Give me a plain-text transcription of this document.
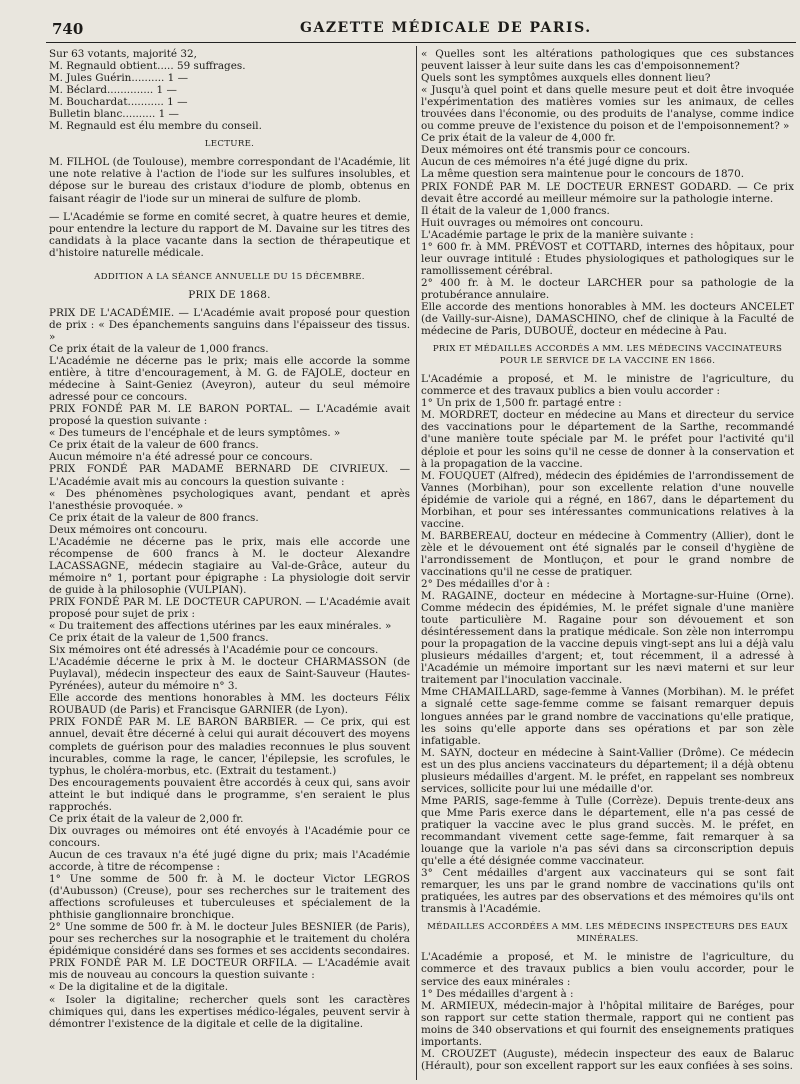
740	GAZETTE MÉDICALE DE PARIS.

Sur 63 votants, majorité 32,

M. Regnauld obtient..... 59 suffrages.
M. Jules Guérin.......... 1 —
M. Béclard.............. 1 —
M. Bouchardat........... 1 —
Bulletin blanc.......... 1 —

M. Regnauld est élu membre du conseil.

LECTURE.

M. FILHOL (de Toulouse), membre correspondant de l'Académie, lit une note relative à l'action de l'iode sur les sulfures insolubles, et dépose sur le bureau des cristaux d'iodure de plomb, obtenus en faisant réagir de l'iode sur un minerai de sulfure de plomb.

— L'Académie se forme en comité secret, à quatre heures et demie, pour entendre la lecture du rapport de M. Davaine sur les titres des candidats à la place vacante dans la section de thérapeutique et d'histoire naturelle médicale.

ADDITION A LA SÉANCE ANNUELLE DU 15 DÉCEMBRE.

PRIX DE 1868.

PRIX DE L'ACADÉMIE. — L'Académie avait proposé pour question de prix : « Des épanchements sanguins dans l'épaisseur des tissus. »

Ce prix était de la valeur de 1,000 francs.

L'Académie ne décerne pas le prix; mais elle accorde la somme entière, à titre d'encouragement, à M. G. de FAJOLE, docteur en médecine à Saint-Geniez (Aveyron), auteur du seul mémoire adressé pour ce concours.

PRIX FONDÉ PAR M. LE BARON PORTAL. — L'Académie avait proposé la question suivante :

« Des tumeurs de l'encéphale et de leurs symptômes. »

Ce prix était de la valeur de 600 francs.

Aucun mémoire n'a été adressé pour ce concours.

PRIX FONDÉ PAR MADAME BERNARD DE CIVRIEUX. — L'Académie avait mis au concours la question suivante :

« Des phénomènes psychologiques avant, pendant et après l'anesthésie provoquée. »

Ce prix était de la valeur de 800 francs.

Deux mémoires ont concouru.

L'Académie ne décerne pas le prix, mais elle accorde une récompense de 600 francs à M. le docteur Alexandre LACASSAGNE, médecin stagiaire au Val-de-Grâce, auteur du mémoire n° 1, portant pour épigraphe : La physiologie doit servir de guide à la philosophie (VULPIAN).

PRIX FONDÉ PAR M. LE DOCTEUR CAPURON. — L'Académie avait proposé pour sujet de prix :

« Du traitement des affections utérines par les eaux minérales. »

Ce prix était de la valeur de 1,500 francs.

Six mémoires ont été adressés à l'Académie pour ce concours.

L'Académie décerne le prix à M. le docteur CHARMASSON (de Puylaval), médecin inspecteur des eaux de Saint-Sauveur (Hautes-Pyrénées), auteur du mémoire n° 3.

Elle accorde des mentions honorables à MM. les docteurs Félix ROUBAUD (de Paris) et Francisque GARNIER (de Lyon).

PRIX FONDÉ PAR M. LE BARON BARBIER. — Ce prix, qui est annuel, devait être décerné à celui qui aurait découvert des moyens complets de guérison pour des maladies reconnues le plus souvent incurables, comme la rage, le cancer, l'épilepsie, les scrofules, le typhus, le choléra-morbus, etc. (Extrait du testament.)

Des encouragements pouvaient être accordés à ceux qui, sans avoir atteint le but indiqué dans le programme, s'en seraient le plus rapprochés.

Ce prix était de la valeur de 2,000 fr.

Dix ouvrages ou mémoires ont été envoyés à l'Académie pour ce concours.

Aucun de ces travaux n'a été jugé digne du prix; mais l'Académie accorde, à titre de récompense :

1° Une somme de 500 fr. à M. le docteur Victor LEGROS (d'Aubusson) (Creuse), pour ses recherches sur le traitement des affections scrofuleuses et tuberculeuses et spécialement de la phthisie ganglionnaire bronchique.

2° Une somme de 500 fr. à M. le docteur Jules BESNIER (de Paris), pour ses recherches sur la nosographie et le traitement du choléra épidémique considéré dans ses formes et ses accidents secondaires.

PRIX FONDÉ PAR M. LE DOCTEUR ORFILA. — L'Académie avait mis de nouveau au concours la question suivante :

« De la digitaline et de la digitale.

« Isoler la digitaline; rechercher quels sont les caractères chimiques qui, dans les expertises médico-légales, peuvent servir à démontrer l'existence de la digitale et celle de la digitaline.

« Quelles sont les altérations pathologiques que ces substances peuvent laisser à leur suite dans les cas d'empoisonnement?

Quels sont les symptômes auxquels elles donnent lieu?

« Jusqu'à quel point et dans quelle mesure peut et doit être invoquée l'expérimentation des matières vomies sur les animaux, de celles trouvées dans l'économie, ou des produits de l'analyse, comme indice ou comme preuve de l'existence du poison et de l'empoisonnement? »

Ce prix était de la valeur de 4,000 fr.

Deux mémoires ont été transmis pour ce concours.

Aucun de ces mémoires n'a été jugé digne du prix.

La même question sera maintenue pour le concours de 1870.

PRIX FONDÉ PAR M. LE DOCTEUR ERNEST GODARD. — Ce prix devait être accordé au meilleur mémoire sur la pathologie interne.

Il était de la valeur de 1,000 francs.

Huit ouvrages ou mémoires ont concouru.

L'Académie partage le prix de la manière suivante :

1° 600 fr. à MM. PRÉVOST et COTTARD, internes des hôpitaux, pour leur ouvrage intitulé : Etudes physiologiques et pathologiques sur le ramollissement cérébral.

2° 400 fr. à M. le docteur LARCHER pour sa pathologie de la protubérance annulaire.

Elle accorde des mentions honorables à MM. les docteurs ANCELET (de Vailly-sur-Aisne), DAMASCHINO, chef de clinique à la Faculté de médecine de Paris, DUBOUÉ, docteur en médecine à Pau.

PRIX ET MÉDAILLES ACCORDÉS A MM. LES MÉDECINS VACCINATEURS
POUR LE SERVICE DE LA VACCINE EN 1866.

L'Académie a proposé, et M. le ministre de l'agriculture, du commerce et des travaux publics a bien voulu accorder :

1° Un prix de 1,500 fr. partagé entre :

M. MORDRET, docteur en médecine au Mans et directeur du service des vaccinations pour le département de la Sarthe, recommandé d'une manière toute spéciale par M. le préfet pour l'activité qu'il déploie et pour les soins qu'il ne cesse de donner à la conservation et à la propagation de la vaccine.

M. FOUQUET (Alfred), médecin des épidémies de l'arrondissement de Vannes (Morbihan), pour son excellente relation d'une nouvelle épidémie de variole qui a régné, en 1867, dans le département du Morbihan, et pour ses intéressantes communications relatives à la vaccine.

M. BARBEREAU, docteur en médecine à Commentry (Allier), dont le zèle et le dévouement ont été signalés par le conseil d'hygiène de l'arrondissement de Montluçon, et pour le grand nombre de vaccinations qu'il ne cesse de pratiquer.

2° Des médailles d'or à :

M. RAGAINE, docteur en médecine à Mortagne-sur-Huine (Orne). Comme médecin des épidémies, M. le préfet signale d'une manière toute particulière M. Ragaine pour son dévouement et son désintéressement dans la pratique médicale. Son zèle non interrompu pour la propagation de la vaccine depuis vingt-sept ans lui a déjà valu plusieurs médailles d'argent; et, tout récemment, il a adressé à l'Académie un mémoire important sur les nævi materni et sur leur traitement par l'inoculation vaccinale.

Mme CHAMAILLARD, sage-femme à Vannes (Morbihan). M. le préfet a signalé cette sage-femme comme se faisant remarquer depuis longues années par le grand nombre de vaccinations qu'elle pratique, les soins qu'elle apporte dans ses opérations et par son zèle infatigable.

M. SAYN, docteur en médecine à Saint-Vallier (Drôme). Ce médecin est un des plus anciens vaccinateurs du département; il a déjà obtenu plusieurs médailles d'argent. M. le préfet, en rappelant ses nombreux services, sollicite pour lui une médaille d'or.

Mme PARIS, sage-femme à Tulle (Corrèze). Depuis trente-deux ans que Mme Paris exerce dans le département, elle n'a pas cessé de pratiquer la vaccine avec le plus grand succès. M. le préfet, en recommandant vivement cette sage-femme, fait remarquer à sa louange que la variole n'a pas sévi dans sa circonscription depuis qu'elle a été désignée comme vaccinateur.

3° Cent médailles d'argent aux vaccinateurs qui se sont fait remarquer, les uns par le grand nombre de vaccinations qu'ils ont pratiquées, les autres par des observations et des mémoires qu'ils ont transmis à l'Académie.

MÉDAILLES ACCORDÉES A MM. LES MÉDECINS INSPECTEURS DES EAUX MINÉRALES.

L'Académie a proposé, et M. le ministre de l'agriculture, du commerce et des travaux publics a bien voulu accorder, pour le service des eaux minérales :

1° Des médailles d'argent à :

M. ARMIEUX, médecin-major à l'hôpital militaire de Baréges, pour son rapport sur cette station thermale, rapport qui ne contient pas moins de 340 observations et qui fournit des enseignements pratiques importants.

M. CROUZET (Auguste), médecin inspecteur des eaux de Balaruc (Hérault), pour son excellent rapport sur les eaux confiées à ses soins.
